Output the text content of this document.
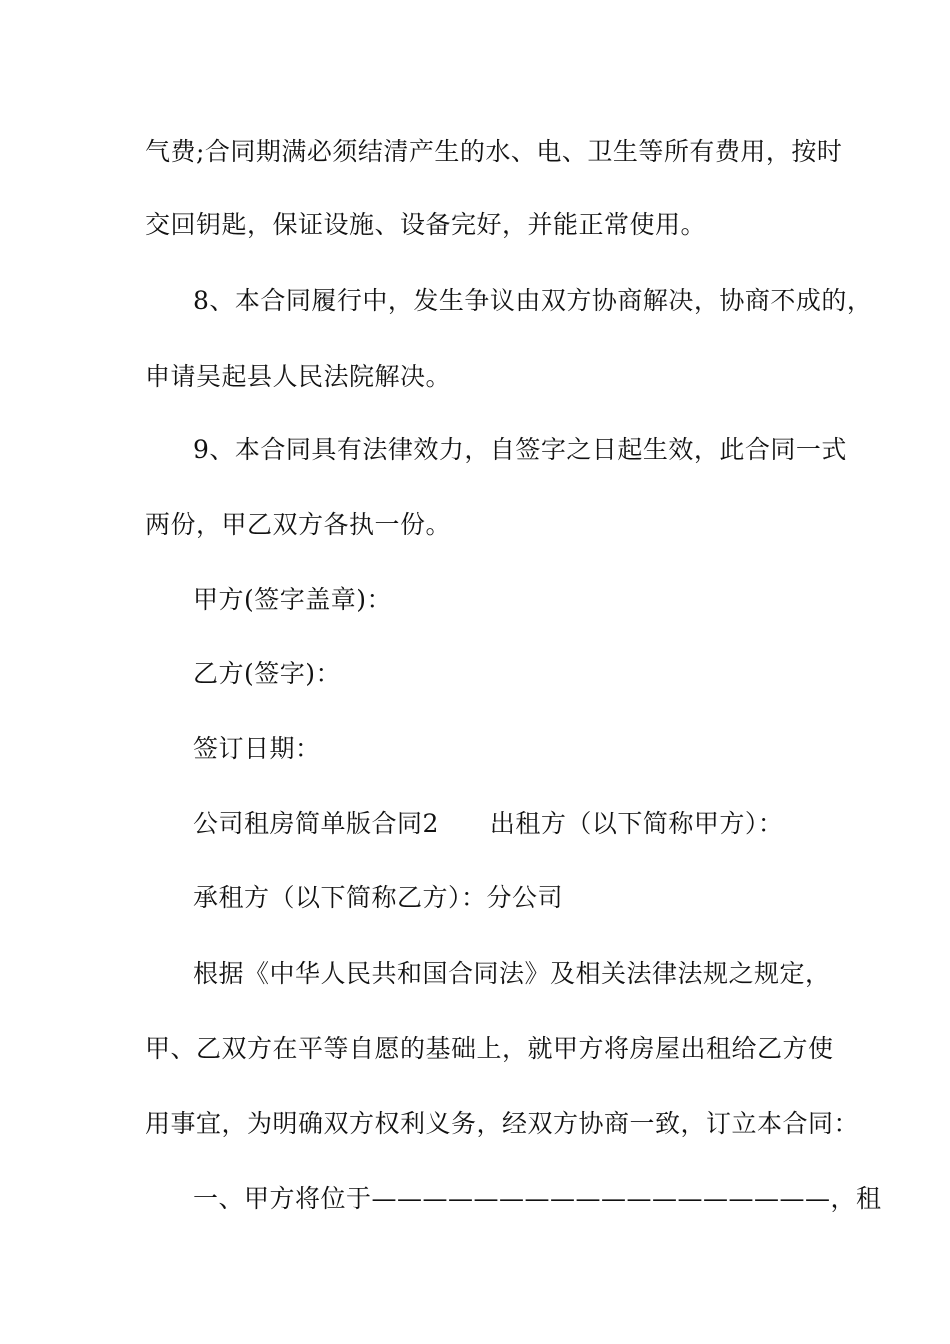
气费;合同期满必须结清产生的水、电、卫生等所有费用，按时
交回钥匙，保证设施、设备完好，并能正常使用。
8、本合同履行中，发生争议由双方协商解决，协商不成的，
申请吴起县人民法院解决。
9、本合同具有法律效力，自签字之日起生效，此合同一式
两份，甲乙双方各执一份。
甲方(签字盖章)：
乙方(签字)：
签订日期：
公司租房简单版合同2　　出租方（以下简称甲方）：
承租方（以下简称乙方）：分公司
根据《中华人民共和国合同法》及相关法律法规之规定，
甲、乙双方在平等自愿的基础上，就甲方将房屋出租给乙方使
用事宜，为明确双方权利义务，经双方协商一致，订立本合同：
一、甲方将位于——————————————————，租
